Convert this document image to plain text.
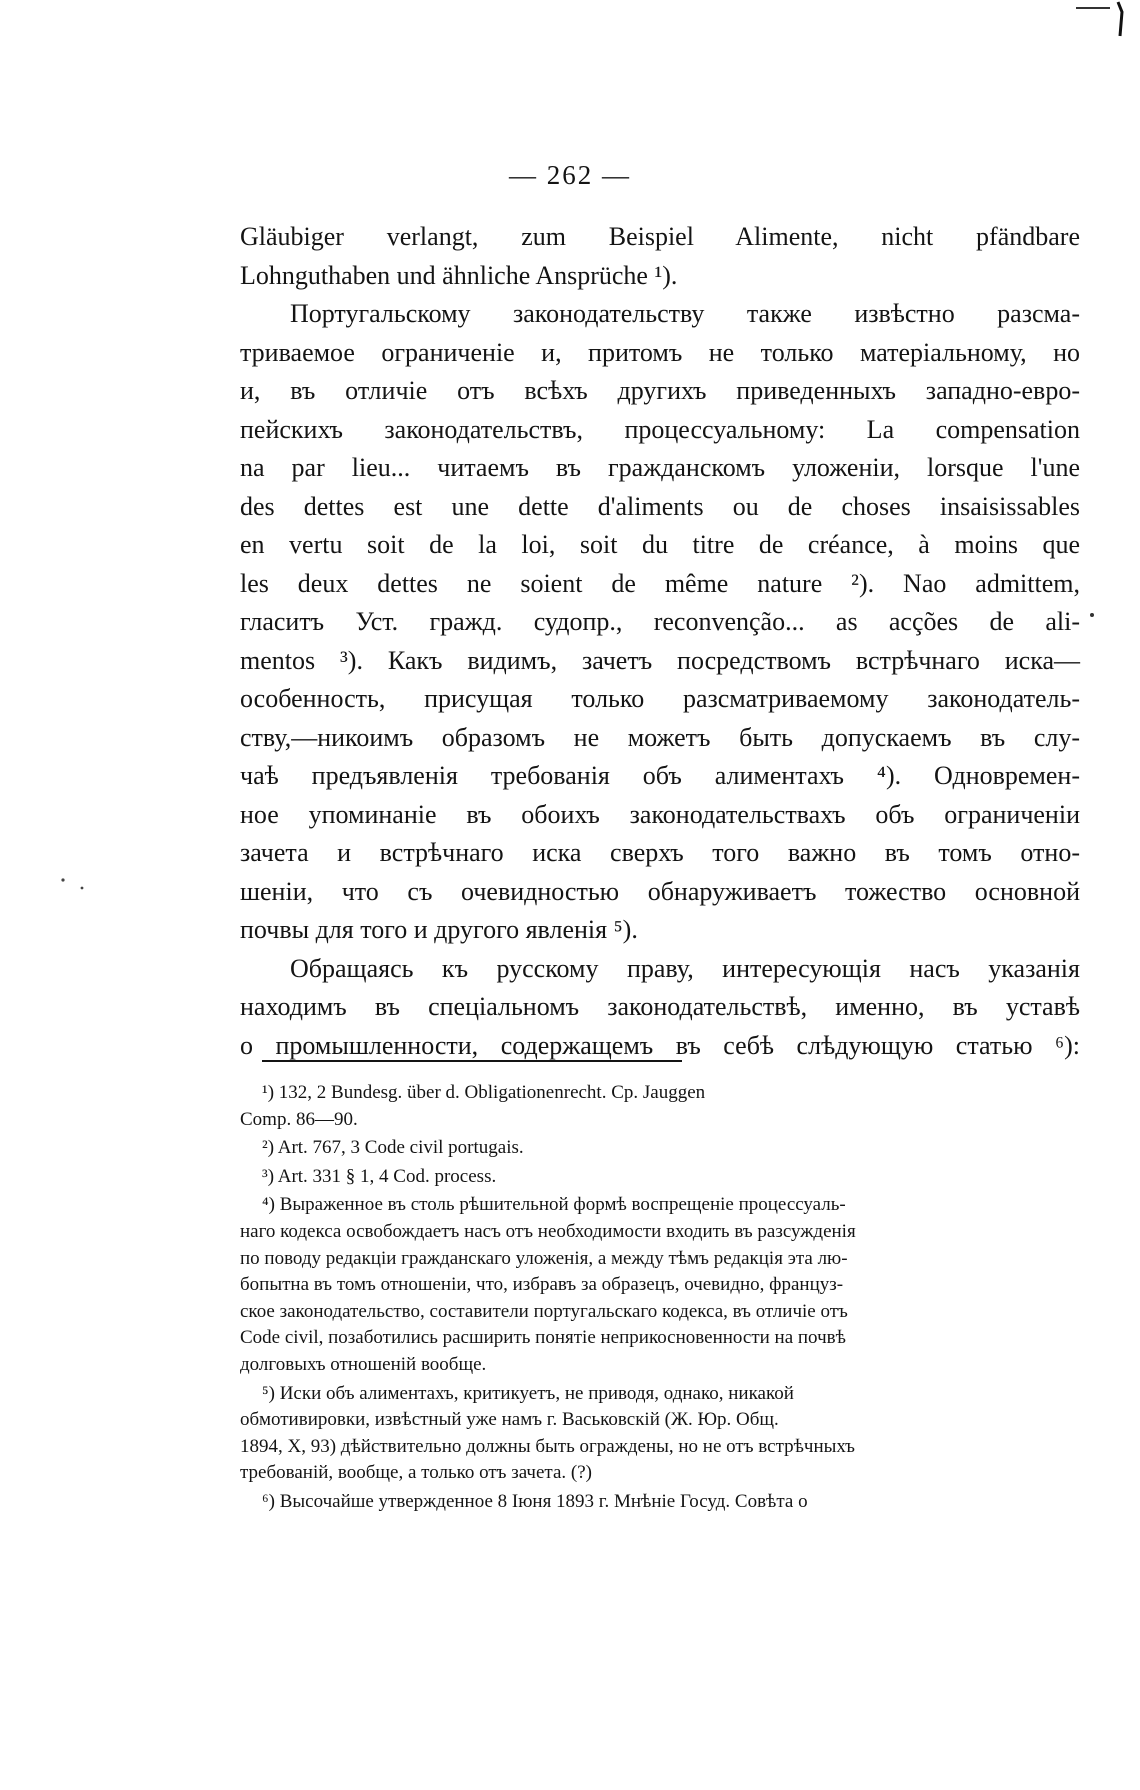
— 262 —
Gläubiger verlangt, zum Beispiel Alimente, nicht pfändbare
Lohnguthaben und ähnliche Ansprüche ¹).
Португальскому законодательству также извѣстно разсма-
триваемое ограниченіе и, притомъ не только матеріальному, но
и, въ отличіе отъ всѣхъ другихъ приведенныхъ западно-евро-
пейскихъ законодательствъ, процессуальному: La compensation
na par lieu... читаемъ въ гражданскомъ уложеніи, lorsque l'une
des dettes est une dette d'aliments ou de choses insaisissables
en vertu soit de la loi, soit du titre de créance, à moins que
les deux dettes ne soient de même nature ²). Nao admittem,
гласитъ Уст. гражд. судопр., reconvenção... as acções de ali-
mentos ³). Какъ видимъ, зачетъ посредствомъ встрѣчнаго иска—
особенность, присущая только разсматриваемому законодатель-
ству,—никоимъ образомъ не можетъ быть допускаемъ въ слу-
чаѣ предъявленія требованія объ алиментахъ ⁴). Одновремен-
ное упоминаніе въ обоихъ законодательствахъ объ ограниченіи
зачета и встрѣчнаго иска сверхъ того важно въ томъ отно-
шеніи, что съ очевидностью обнаруживаетъ тожество основной
почвы для того и другого явленія ⁵).
Обращаясь къ русскому праву, интересующія насъ указанія
находимъ въ спеціальномъ законодательствѣ, именно, въ уставѣ
о промышленности, содержащемъ въ себѣ слѣдующую статью ⁶):
¹) 132, 2 Bundesg. über d. Obligationenrecht. Cp. Jauggen
Comp. 86—90.
²) Art. 767, 3 Code civil portugais.
³) Art. 331 § 1, 4 Cod. process.
⁴) Выраженное въ столь рѣшительной формѣ воспрещеніе процессуаль-
наго кодекса освобождаетъ насъ отъ необходимости входить въ разсужденія
по поводу редакціи гражданскаго уложенія, а между тѣмъ редакція эта лю-
бопытна въ томъ отношеніи, что, избравъ за образецъ, очевидно, француз-
ское законодательство, составители португальскаго кодекса, въ отличіе отъ
Code civil, позаботились расширить понятіе неприкосновенности на почвѣ
долговыхъ отношеній вообще.
⁵) Иски объ алиментахъ, критикуетъ, не приводя, однако, никакой
обмотивировки, извѣстный уже намъ г. Васьковскій (Ж. Юр. Общ.
1894, X, 93) дѣйствительно должны быть ограждены, но не отъ встрѣчныхъ
требованій, вообще, а только отъ зачета. (?)
⁶) Высочайше утвержденное 8 Іюня 1893 г. Мнѣніе Госуд. Совѣта о
